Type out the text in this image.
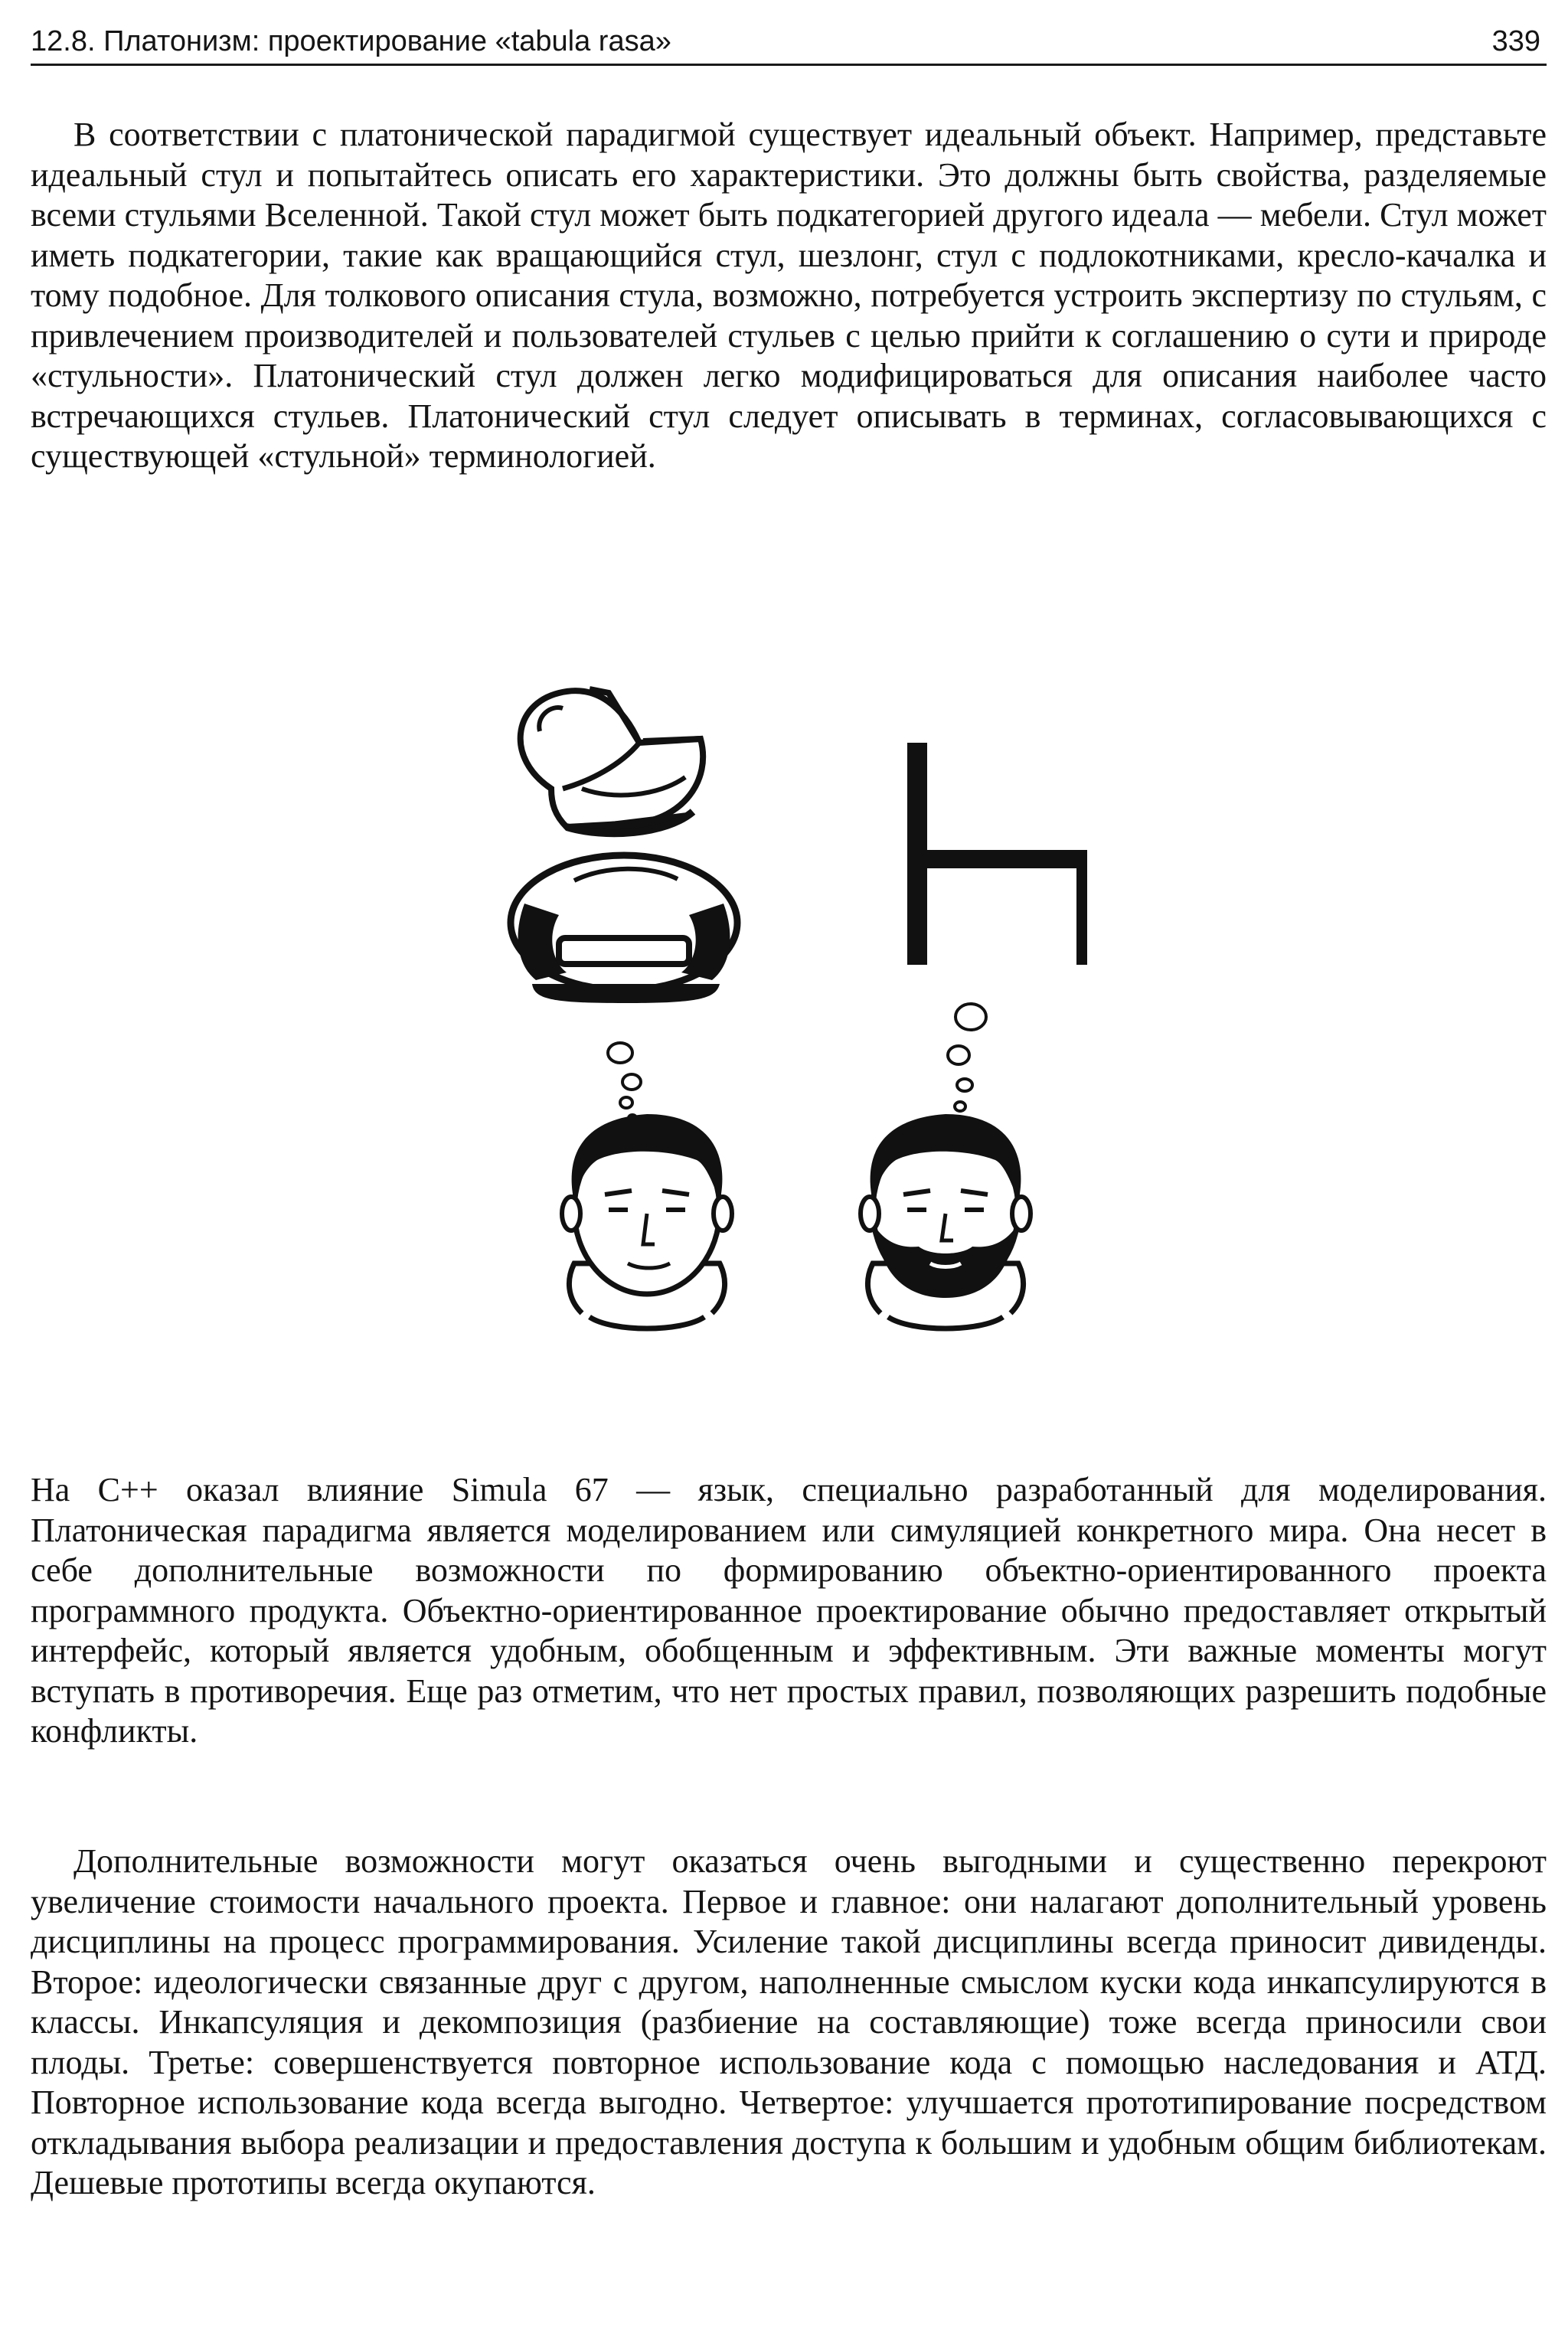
12.8. Платонизм: проектирование «tabula rasa»	339

В соответствии с платонической парадигмой существует идеальный объект. Например, представьте идеальный стул и попытайтесь описать его характеристики. Это должны быть свойства, разделяемые всеми стульями Вселенной. Такой стул может быть подкатегорией другого идеала — мебели. Стул может иметь подкатегории, такие как вращающийся стул, шезлонг, стул с подлокотниками, кресло-качалка и тому подобное. Для толкового описания стула, возможно, потребуется устроить экспертизу по стульям, с привлечением производителей и пользователей стульев с целью прийти к соглашению о сути и природе «стульности». Платонический стул должен легко модифицироваться для описания наиболее часто встречающихся стульев. Платонический стул следует описывать в терминах, согласовывающихся с существующей «стульной» терминологией.

На С++ оказал влияние Simula 67 — язык, специально разработанный для моделирования. Платоническая парадигма является моделированием или симуляцией конкретного мира. Она несет в себе дополнительные возможности по формированию объектно-ориентированного проекта программного продукта. Объектно-ориентированное проектирование обычно предоставляет открытый интерфейс, который является удобным, обобщенным и эффективным. Эти важные моменты могут вступать в противоречия. Еще раз отметим, что нет простых правил, позволяющих разрешить подобные конфликты.

Дополнительные возможности могут оказаться очень выгодными и существенно перекроют увеличение стоимости начального проекта. Первое и главное: они налагают дополнительный уровень дисциплины на процесс программирования. Усиление такой дисциплины всегда приносит дивиденды. Второе: идеологически связанные друг с другом, наполненные смыслом куски кода инкапсулируются в классы. Инкапсуляция и декомпозиция (разбиение на составляющие) тоже всегда приносили свои плоды. Третье: совершенствуется повторное использование кода с помощью наследования и АТД. Повторное использование кода всегда выгодно. Четвертое: улучшается прототипирование посредством откладывания выбора реализации и предоставления доступа к большим и удобным общим библиотекам. Дешевые прототипы всегда окупаются.
